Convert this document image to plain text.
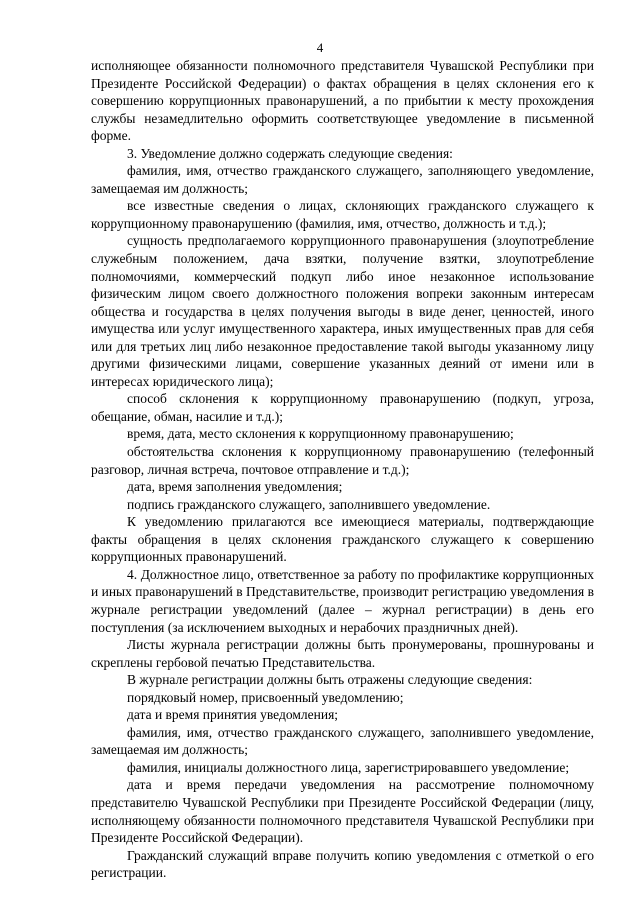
4

исполняющее обязанности полномочного представителя Чувашской Республики при Президенте Российской Федерации) о фактах обращения в целях склонения его к совершению коррупционных правонарушений, а по прибытии к месту прохождения службы незамедлительно оформить соответствующее уведомление в письменной форме.

3. Уведомление должно содержать следующие сведения:

фамилия, имя, отчество гражданского служащего, заполняющего уведомление, замещаемая им должность;

все известные сведения о лицах, склоняющих гражданского служащего к коррупционному правонарушению (фамилия, имя, отчество, должность и т.д.);

сущность предполагаемого коррупционного правонарушения (злоупотребление служебным положением, дача взятки, получение взятки, злоупотребление полномочиями, коммерческий подкуп либо иное незаконное использование физическим лицом своего должностного положения вопреки законным интересам общества и государства в целях получения выгоды в виде денег, ценностей, иного имущества или услуг имущественного характера, иных имущественных прав для себя или для третьих лиц либо незаконное предоставление такой выгоды указанному лицу другими физическими лицами, совершение указанных деяний от имени или в интересах юридического лица);

способ склонения к коррупционному правонарушению (подкуп, угроза, обещание, обман, насилие и т.д.);

время, дата, место склонения к коррупционному правонарушению;

обстоятельства склонения к коррупционному правонарушению (телефонный разговор, личная встреча, почтовое отправление и т.д.);

дата, время заполнения уведомления;

подпись гражданского служащего, заполнившего уведомление.

К уведомлению прилагаются все имеющиеся материалы, подтверждающие факты обращения в целях склонения гражданского служащего к совершению коррупционных правонарушений.

4. Должностное лицо, ответственное за работу по профилактике коррупционных и иных правонарушений в Представительстве, производит регистрацию уведомления в журнале регистрации уведомлений (далее – журнал регистрации) в день его поступления (за исключением выходных и нерабочих праздничных дней).

Листы журнала регистрации должны быть пронумерованы, прошнурованы и скреплены гербовой печатью Представительства.

В журнале регистрации должны быть отражены следующие сведения:

порядковый номер, присвоенный уведомлению;

дата и время принятия уведомления;

фамилия, имя, отчество гражданского служащего, заполнившего уведомление, замещаемая им должность;

фамилия, инициалы должностного лица, зарегистрировавшего уведомление;

дата и время передачи уведомления на рассмотрение полномочному представителю Чувашской Республики при Президенте Российской Федерации (лицу, исполняющему обязанности полномочного представителя Чувашской Республики при Президенте Российской Федерации).

Гражданский служащий вправе получить копию уведомления с отметкой о его регистрации.
